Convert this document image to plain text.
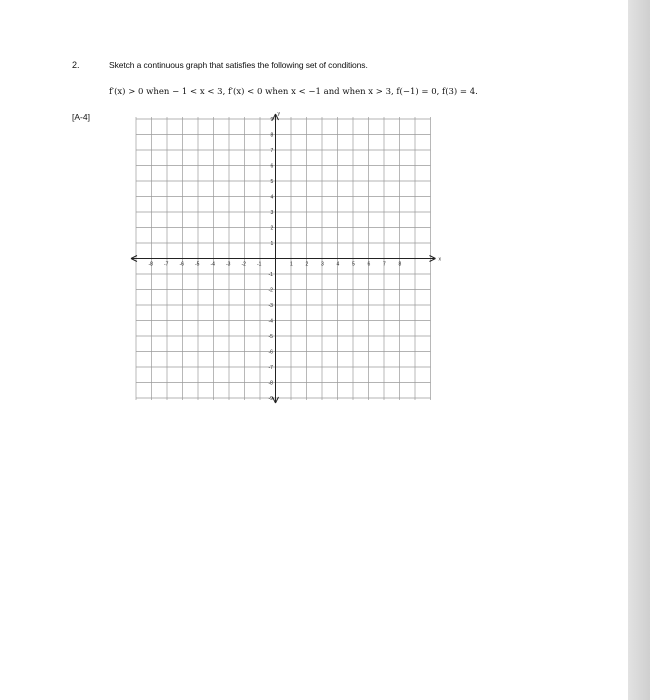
2.	Sketch a continuous graph that satisfies the following set of conditions.
f′(x) > 0 when − 1 < x < 3, f′(x) < 0 when x < −1 and when x > 3, f(−1) = 0, f(3) = 4.
[A-4]
x
y
-8 -7 -6 -5 -4 -3 -2 -1	1	2	3	4	5	6	7	8
1
2
3
4
5
6
7
8
9
-1
-2
-3
-4
-5
-6
-7
-8
-9
